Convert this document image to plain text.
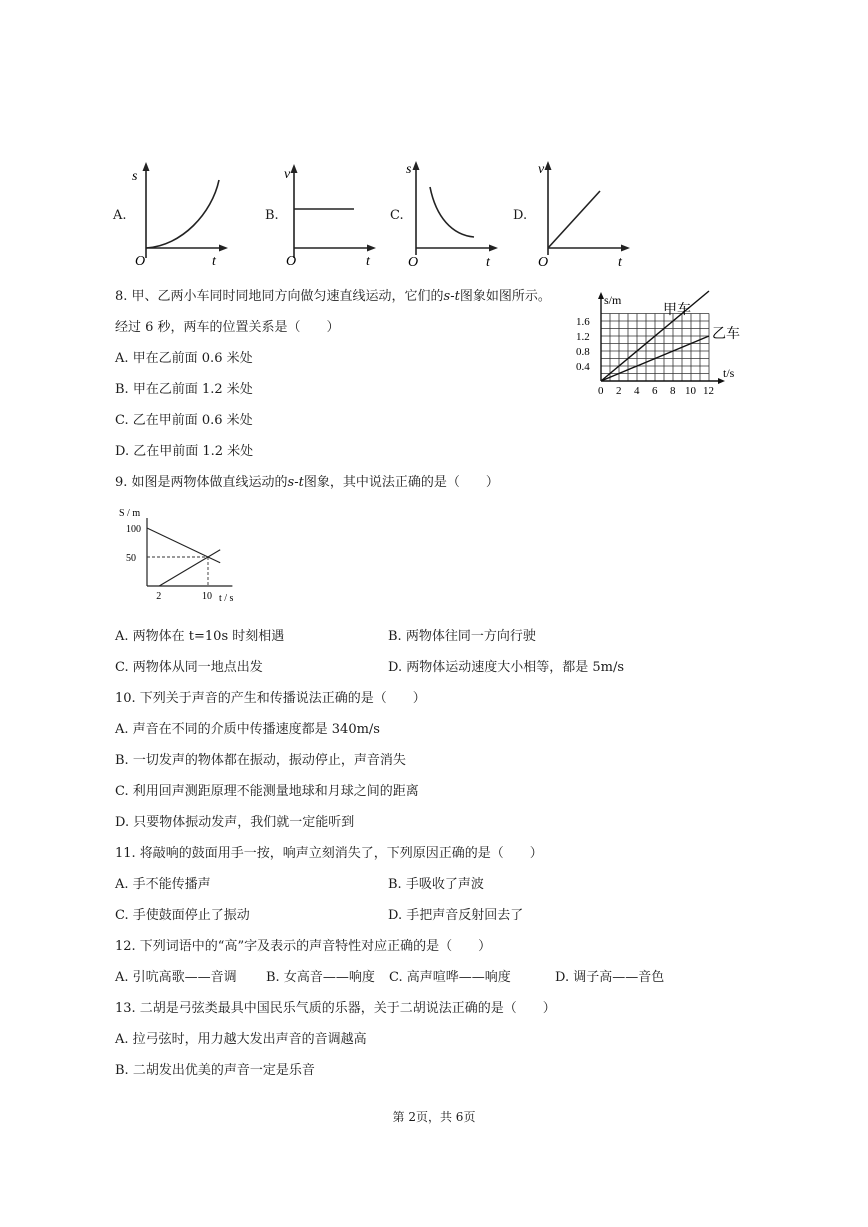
A.
s
O	t
B.
v
O	t
C.
s
O	t
D.
v
O	t
8. 甲、乙两小车同时同地同方向做匀速直线运动，它们的s-t图象如图所示。
经过 6 秒，两车的位置关系是（　　）
A. 甲在乙前面 0.6 米处
B. 甲在乙前面 1.2 米处
C. 乙在甲前面 0.6 米处
D. 乙在甲前面 1.2 米处
1.6
1.2
0.8
0.4
0 2 4 6 8 10 12
s/m
t/s
甲车
乙车
9. 如图是两物体做直线运动的s-t图象，其中说法正确的是（　　）
100
50
2	10
S / m
t / s
A. 两物体在 t=10s 时刻相遇	B. 两物体往同一方向行驶
C. 两物体从同一地点出发	D. 两物体运动速度大小相等，都是 5m/s
10. 下列关于声音的产生和传播说法正确的是（　　）
A. 声音在不同的介质中传播速度都是 340m/s
B. 一切发声的物体都在振动，振动停止，声音消失
C. 利用回声测距原理不能测量地球和月球之间的距离
D. 只要物体振动发声，我们就一定能听到
11. 将敲响的鼓面用手一按，响声立刻消失了，下列原因正确的是（　　）
A. 手不能传播声	B. 手吸收了声波
C. 手使鼓面停止了振动	D. 手把声音反射回去了
12. 下列词语中的“高”字及表示的声音特性对应正确的是（　　）
A. 引吭高歌——音调 B. 女高音——响度 C. 高声喧哗——响度	D. 调子高——音色
13. 二胡是弓弦类最具中国民乐气质的乐器，关于二胡说法正确的是（　　）
A. 拉弓弦时，用力越大发出声音的音调越高
B. 二胡发出优美的声音一定是乐音
第 2页，共 6页
